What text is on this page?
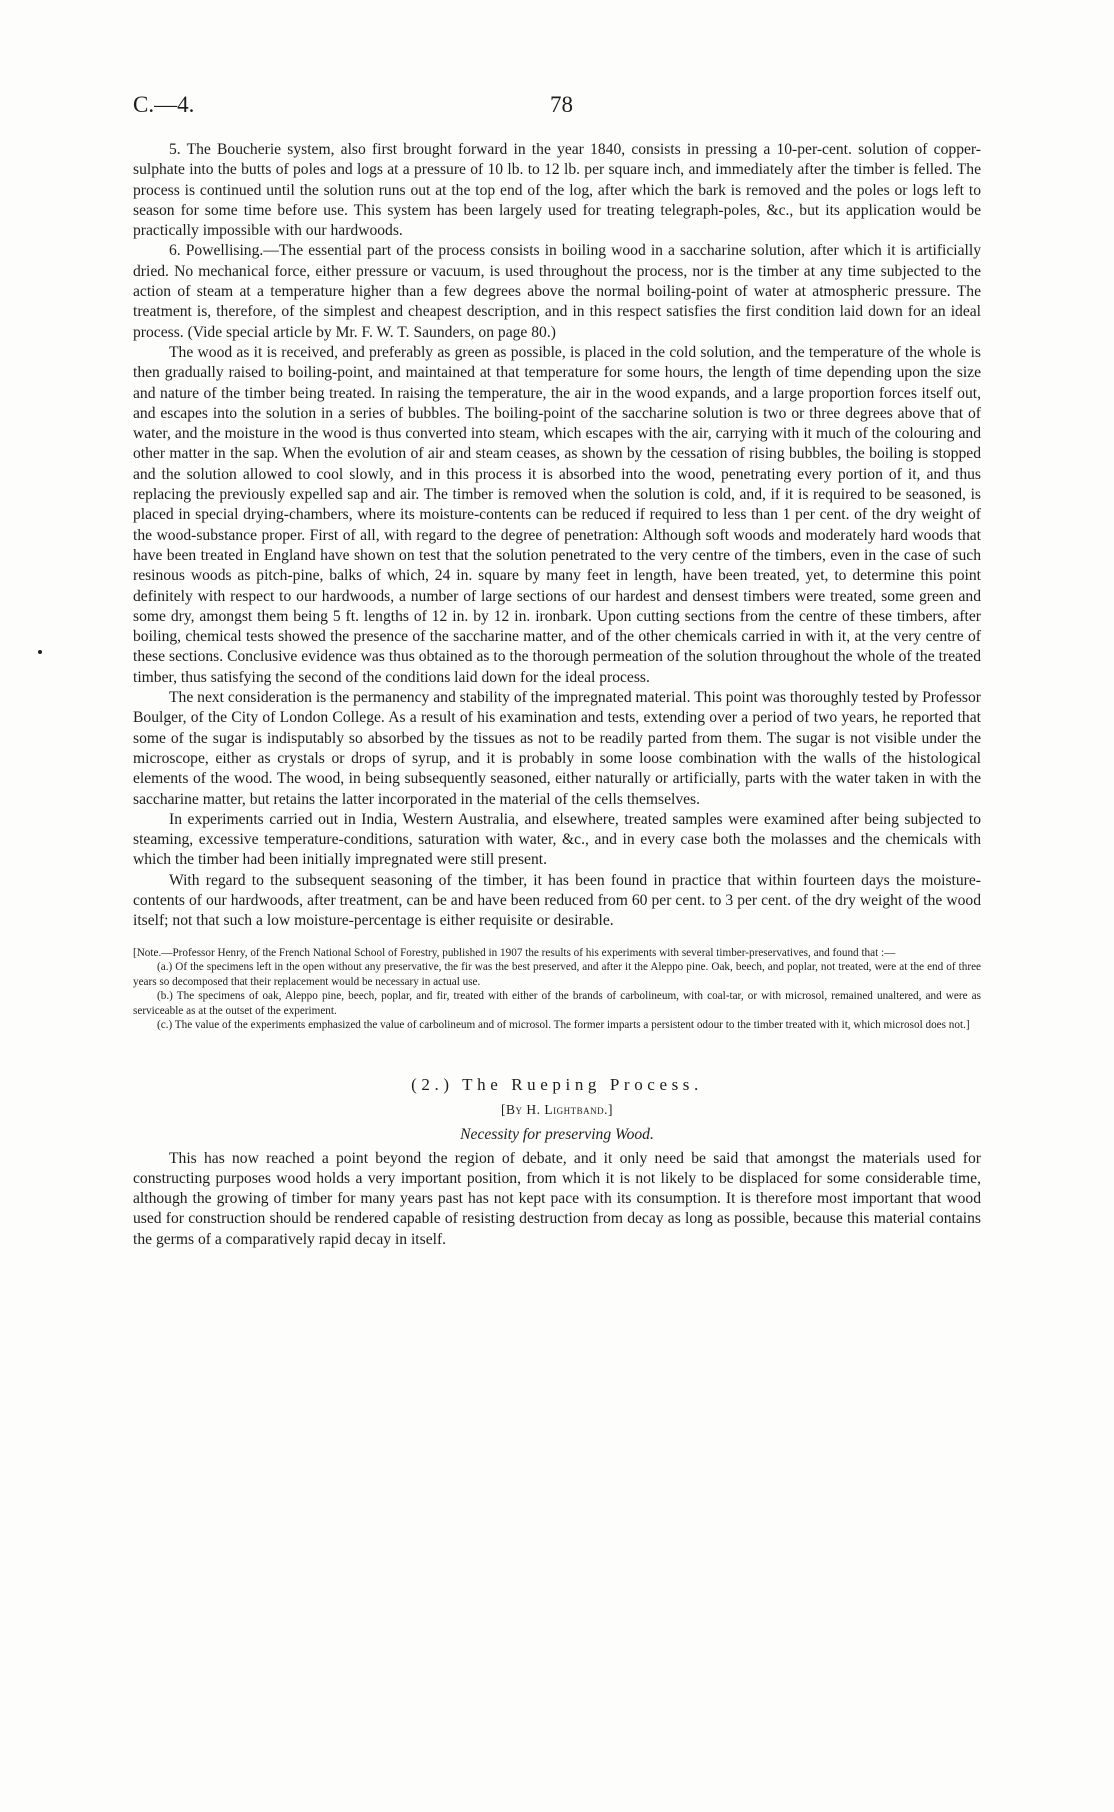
C.—4.	78

5. The Boucherie system, also first brought forward in the year 1840, consists in pressing a 10-per-cent. solution of copper-sulphate into the butts of poles and logs at a pressure of 10 lb. to 12 lb. per square inch, and immediately after the timber is felled. The process is continued until the solution runs out at the top end of the log, after which the bark is removed and the poles or logs left to season for some time before use. This system has been largely used for treating telegraph-poles, &c., but its application would be practically impossible with our hardwoods.

6. Powellising.—The essential part of the process consists in boiling wood in a saccharine solution, after which it is artificially dried. No mechanical force, either pressure or vacuum, is used throughout the process, nor is the timber at any time subjected to the action of steam at a temperature higher than a few degrees above the normal boiling-point of water at atmospheric pressure. The treatment is, therefore, of the simplest and cheapest description, and in this respect satisfies the first condition laid down for an ideal process. (Vide special article by Mr. F. W. T. Saunders, on page 80.)

The wood as it is received, and preferably as green as possible, is placed in the cold solution, and the temperature of the whole is then gradually raised to boiling-point, and maintained at that temperature for some hours, the length of time depending upon the size and nature of the timber being treated. In raising the temperature, the air in the wood expands, and a large proportion forces itself out, and escapes into the solution in a series of bubbles. The boiling-point of the saccharine solution is two or three degrees above that of water, and the moisture in the wood is thus converted into steam, which escapes with the air, carrying with it much of the colouring and other matter in the sap. When the evolution of air and steam ceases, as shown by the cessation of rising bubbles, the boiling is stopped and the solution allowed to cool slowly, and in this process it is absorbed into the wood, penetrating every portion of it, and thus replacing the previously expelled sap and air. The timber is removed when the solution is cold, and, if it is required to be seasoned, is placed in special drying-chambers, where its moisture-contents can be reduced if required to less than 1 per cent. of the dry weight of the wood-substance proper. First of all, with regard to the degree of penetration: Although soft woods and moderately hard woods that have been treated in England have shown on test that the solution penetrated to the very centre of the timbers, even in the case of such resinous woods as pitch-pine, balks of which, 24 in. square by many feet in length, have been treated, yet, to determine this point definitely with respect to our hardwoods, a number of large sections of our hardest and densest timbers were treated, some green and some dry, amongst them being 5 ft. lengths of 12 in. by 12 in. ironbark. Upon cutting sections from the centre of these timbers, after boiling, chemical tests showed the presence of the saccharine matter, and of the other chemicals carried in with it, at the very centre of these sections. Conclusive evidence was thus obtained as to the thorough permeation of the solution throughout the whole of the treated timber, thus satisfying the second of the conditions laid down for the ideal process.

The next consideration is the permanency and stability of the impregnated material. This point was thoroughly tested by Professor Boulger, of the City of London College. As a result of his examination and tests, extending over a period of two years, he reported that some of the sugar is indisputably so absorbed by the tissues as not to be readily parted from them. The sugar is not visible under the microscope, either as crystals or drops of syrup, and it is probably in some loose combination with the walls of the histological elements of the wood. The wood, in being subsequently seasoned, either naturally or artificially, parts with the water taken in with the saccharine matter, but retains the latter incorporated in the material of the cells themselves.

In experiments carried out in India, Western Australia, and elsewhere, treated samples were examined after being subjected to steaming, excessive temperature-conditions, saturation with water, &c., and in every case both the molasses and the chemicals with which the timber had been initially impregnated were still present.

With regard to the subsequent seasoning of the timber, it has been found in practice that within fourteen days the moisture-contents of our hardwoods, after treatment, can be and have been reduced from 60 per cent. to 3 per cent. of the dry weight of the wood itself; not that such a low moisture-percentage is either requisite or desirable.

[Note.—Professor Henry, of the French National School of Forestry, published in 1907 the results of his experiments with several timber-preservatives, and found that :—

(a.) Of the specimens left in the open without any preservative, the fir was the best preserved, and after it the Aleppo pine. Oak, beech, and poplar, not treated, were at the end of three years so decomposed that their replacement would be necessary in actual use.

(b.) The specimens of oak, Aleppo pine, beech, poplar, and fir, treated with either of the brands of carbolineum, with coal-tar, or with microsol, remained unaltered, and were as serviceable as at the outset of the experiment.

(c.) The value of the experiments emphasized the value of carbolineum and of microsol. The former imparts a persistent odour to the timber treated with it, which microsol does not.]

(2.) The Rueping Process.
[By H. Lightband.]
Necessity for preserving Wood.

This has now reached a point beyond the region of debate, and it only need be said that amongst the materials used for constructing purposes wood holds a very important position, from which it is not likely to be displaced for some considerable time, although the growing of timber for many years past has not kept pace with its consumption. It is therefore most important that wood used for construction should be rendered capable of resisting destruction from decay as long as possible, because this material contains the germs of a comparatively rapid decay in itself.
